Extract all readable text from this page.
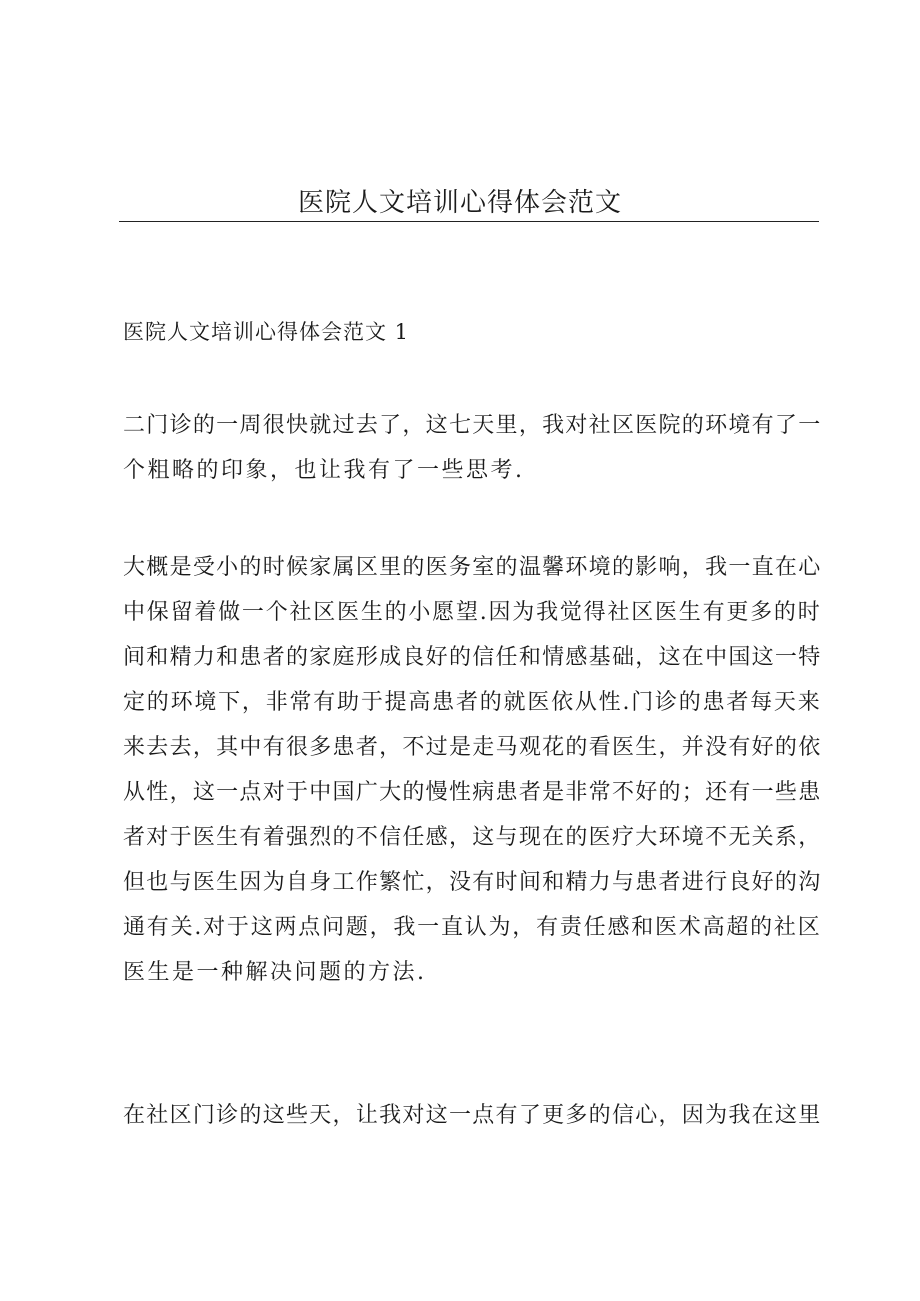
医院人文培训心得体会范文
医院人文培训心得体会范文 1

二门诊的一周很快就过去了，这七天里，我对社区医院的环境有了一
个粗略的印象，也让我有了一些思考.

大概是受小的时候家属区里的医务室的温馨环境的影响，我一直在心
中保留着做一个社区医生的小愿望.因为我觉得社区医生有更多的时
间和精力和患者的家庭形成良好的信任和情感基础，这在中国这一特
定的环境下，非常有助于提高患者的就医依从性.门诊的患者每天来
来去去，其中有很多患者，不过是走马观花的看医生，并没有好的依
从性，这一点对于中国广大的慢性病患者是非常不好的；还有一些患
者对于医生有着强烈的不信任感，这与现在的医疗大环境不无关系，
但也与医生因为自身工作繁忙，没有时间和精力与患者进行良好的沟
通有关.对于这两点问题，我一直认为，有责任感和医术高超的社区
医生是一种解决问题的方法.

在社区门诊的这些天，让我对这一点有了更多的信心，因为我在这里
